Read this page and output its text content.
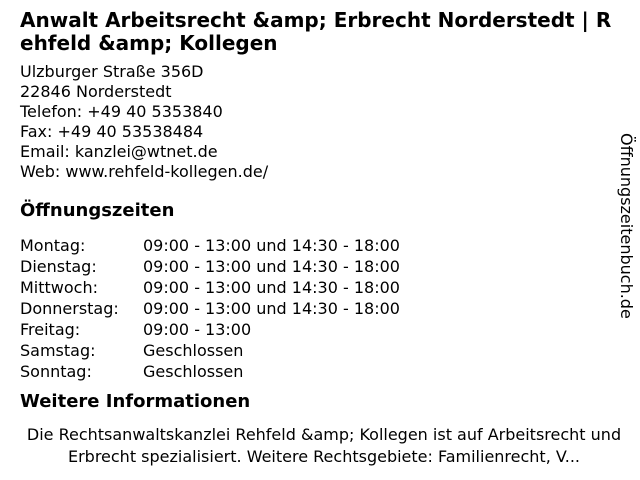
Anwalt Arbeitsrecht &amp; Erbrecht Norderstedt | Rehfeld &amp; Kollegen
Ulzburger Straße 356D
22846 Norderstedt
Telefon: +49 40 5353840
Fax: +49 40 53538484
Email: kanzlei@wtnet.de
Web: www.rehfeld-kollegen.de/
Öffnungszeiten
Montag:	09:00 - 13:00 und 14:30 - 18:00
Dienstag:	09:00 - 13:00 und 14:30 - 18:00
Mittwoch:	09:00 - 13:00 und 14:30 - 18:00
Donnerstag:	09:00 - 13:00 und 14:30 - 18:00
Freitag:	09:00 - 13:00
Samstag:	Geschlossen
Sonntag:	Geschlossen
Weitere Informationen

Die Rechtsanwaltskanzlei Rehfeld &amp; Kollegen ist auf Arbeitsrecht und Erbrecht spezialisiert. Weitere Rechtsgebiete: Familienrecht, V...

Öffnungszeitenbuch.de
